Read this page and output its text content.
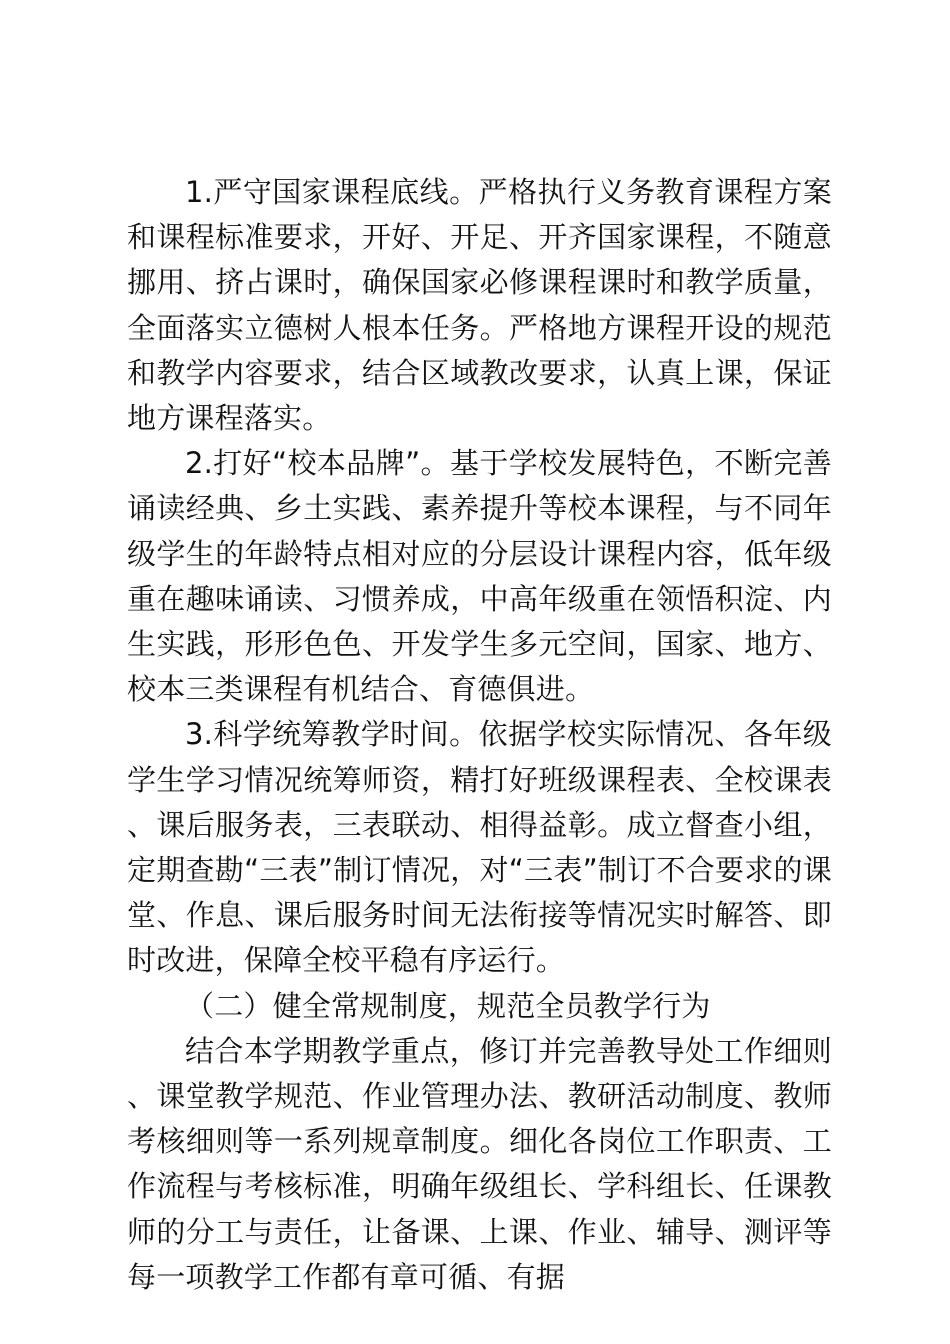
1.严守国家课程底线。严格执行义务教育课程方案和课程标准要求，开好、开足、开齐国家课程，不随意挪用、挤占课时，确保国家必修课程课时和教学质量，全面落实立德树人根本任务。严格地方课程开设的规范和教学内容要求，结合区域教改要求，认真上课，保证地方课程落实。

2.打好“校本品牌”。基于学校发展特色，不断完善诵读经典、乡土实践、素养提升等校本课程，与不同年级学生的年龄特点相对应的分层设计课程内容，低年级重在趣味诵读、习惯养成，中高年级重在领悟积淀、内生实践，形形色色、开发学生多元空间，国家、地方、校本三类课程有机结合、育德俱进。

3.科学统筹教学时间。依据学校实际情况、各年级学生学习情况统筹师资，精打好班级课程表、全校课表、课后服务表，三表联动、相得益彰。成立督查小组，定期查勘“三表”制订情况，对“三表”制订不合要求的课堂、作息、课后服务时间无法衔接等情况实时解答、即时改进，保障全校平稳有序运行。

（二）健全常规制度，规范全员教学行为

结合本学期教学重点，修订并完善教导处工作细则、课堂教学规范、作业管理办法、教研活动制度、教师考核细则等一系列规章制度。细化各岗位工作职责、工作流程与考核标准，明确年级组长、学科组长、任课教师的分工与责任，让备课、上课、作业、辅导、测评等每一项教学工作都有章可循、有据
